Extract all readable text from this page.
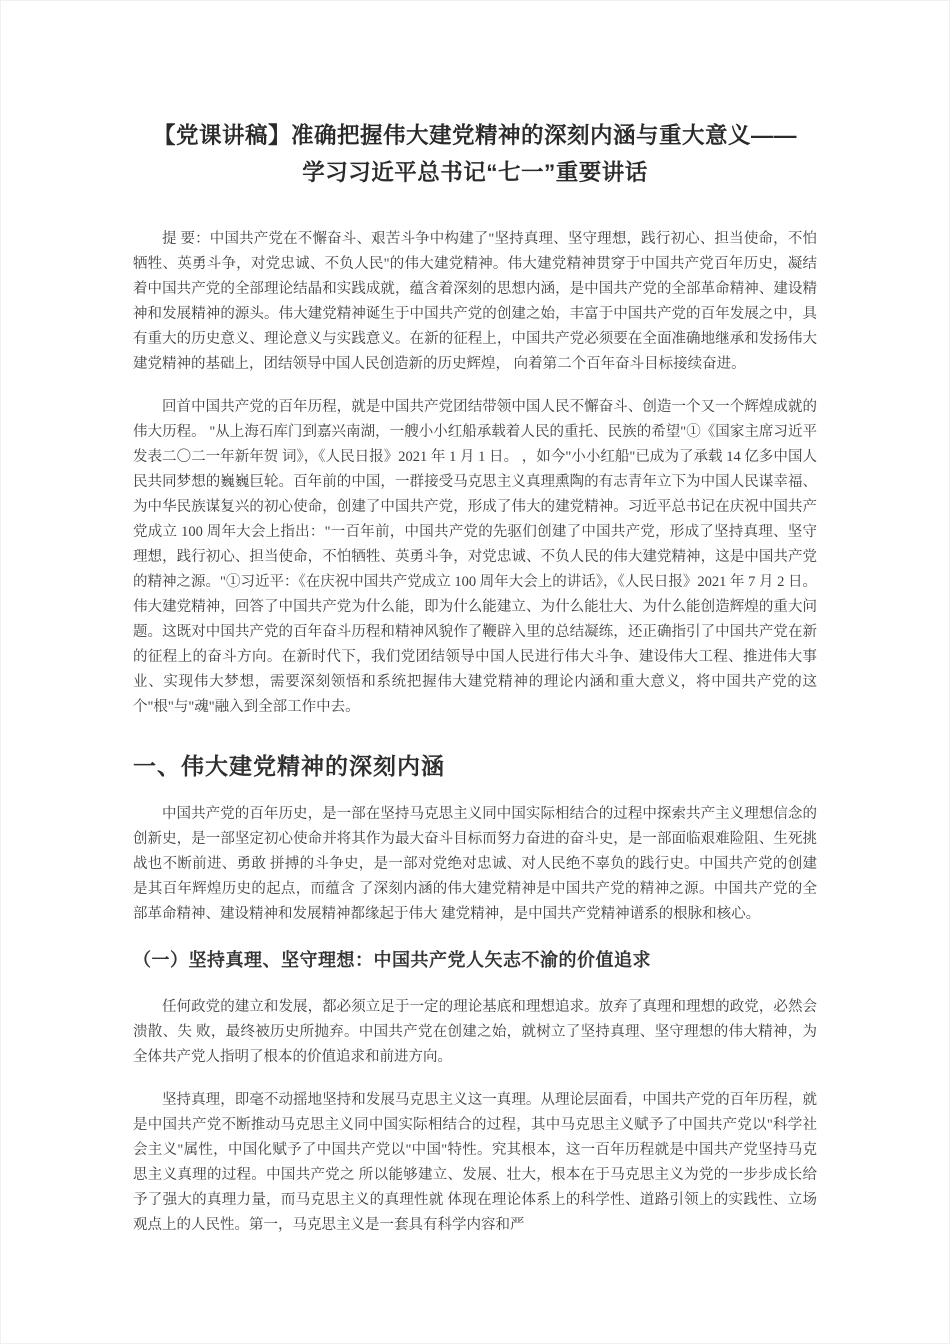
【党课讲稿】准确把握伟大建党精神的深刻内涵与重大意义——学习习近平总书记“七一”重要讲话

提 要：中国共产党在不懈奋斗、艰苦斗争中构建了"坚持真理、坚守理想，践行初心、担当使命，不怕牺牲、英勇斗争，对党忠诚、不负人民"的伟大建党精神。伟大建党精神贯穿于中国共产党百年历史，凝结着中国共产党的全部理论结晶和实践成就，蕴含着深刻的思想内涵，是中国共产党的全部革命精神、建设精神和发展精神的源头。伟大建党精神诞生于中国共产党的创建之始，丰富于中国共产党的百年发展之中，具有重大的历史意义、理论意义与实践意义。在新的征程上，中国共产党必须要在全面准确地继承和发扬伟大建党精神的基础上，团结领导中国人民创造新的历史辉煌， 向着第二个百年奋斗目标接续奋进。

回首中国共产党的百年历程，就是中国共产党团结带领中国人民不懈奋斗、创造一个又一个辉煌成就的伟大历程。 "从上海石库门到嘉兴南湖，一艘小小红船承载着人民的重托、民族的希望"①《国家主席习近平发表二〇二一年新年贺 词》，《人民日报》2021 年 1 月 1 日。 ，如今"小小红船"已成为了承载 14 亿多中国人民共同梦想的巍巍巨轮。百年前的中国，一群接受马克思主义真理熏陶的有志青年立下为中国人民谋幸福、为中华民族谋复兴的初心使命，创建了中国共产党，形成了伟大的建党精神。习近平总书记在庆祝中国共产党成立 100 周年大会上指出："一百年前，中国共产党的先驱们创建了中国共产党，形成了坚持真理、坚守理想，践行初心、担当使命，不怕牺牲、英勇斗争，对党忠诚、不负人民的伟大建党精神，这是中国共产党的精神之源。"①习近平：《在庆祝中国共产党成立 100 周年大会上的讲话》，《人民日报》2021 年 7 月 2 日。伟大建党精神，回答了中国共产党为什么能，即为什么能建立、为什么能壮大、为什么能创造辉煌的重大问题。这既对中国共产党的百年奋斗历程和精神风貌作了鞭辟入里的总结凝练，还正确指引了中国共产党在新的征程上的奋斗方向。在新时代下，我们党团结领导中国人民进行伟大斗争、建设伟大工程、推进伟大事业、实现伟大梦想，需要深刻领悟和系统把握伟大建党精神的理论内涵和重大意义，将中国共产党的这个"根"与"魂"融入到全部工作中去。

一、伟大建党精神的深刻内涵

中国共产党的百年历史，是一部在坚持马克思主义同中国实际相结合的过程中探索共产主义理想信念的创新史，是一部坚定初心使命并将其作为最大奋斗目标而努力奋进的奋斗史，是一部面临艰难险阻、生死挑战也不断前进、勇敢 拼搏的斗争史，是一部对党绝对忠诚、对人民绝不辜负的践行史。中国共产党的创建是其百年辉煌历史的起点，而蕴含 了深刻内涵的伟大建党精神是中国共产党的精神之源。中国共产党的全部革命精神、建设精神和发展精神都缘起于伟大 建党精神，是中国共产党精神谱系的根脉和核心。

（一）坚持真理、坚守理想：中国共产党人矢志不渝的价值追求

任何政党的建立和发展，都必须立足于一定的理论基底和理想追求。放弃了真理和理想的政党，必然会溃散、失 败，最终被历史所抛弃。中国共产党在创建之始，就树立了坚持真理、坚守理想的伟大精神，为全体共产党人指明了根本的价值追求和前进方向。

坚持真理，即毫不动摇地坚持和发展马克思主义这一真理。从理论层面看，中国共产党的百年历程，就是中国共产党不断推动马克思主义同中国实际相结合的过程，其中马克思主义赋予了中国共产党以"科学社会主义"属性，中国化赋予了中国共产党以"中国"特性。究其根本，这一百年历程就是中国共产党坚持马克思主义真理的过程。中国共产党之 所以能够建立、发展、壮大，根本在于马克思主义为党的一步步成长给予了强大的真理力量，而马克思主义的真理性就 体现在理论体系上的科学性、道路引领上的实践性、立场观点上的人民性。第一，马克思主义是一套具有科学内容和严
